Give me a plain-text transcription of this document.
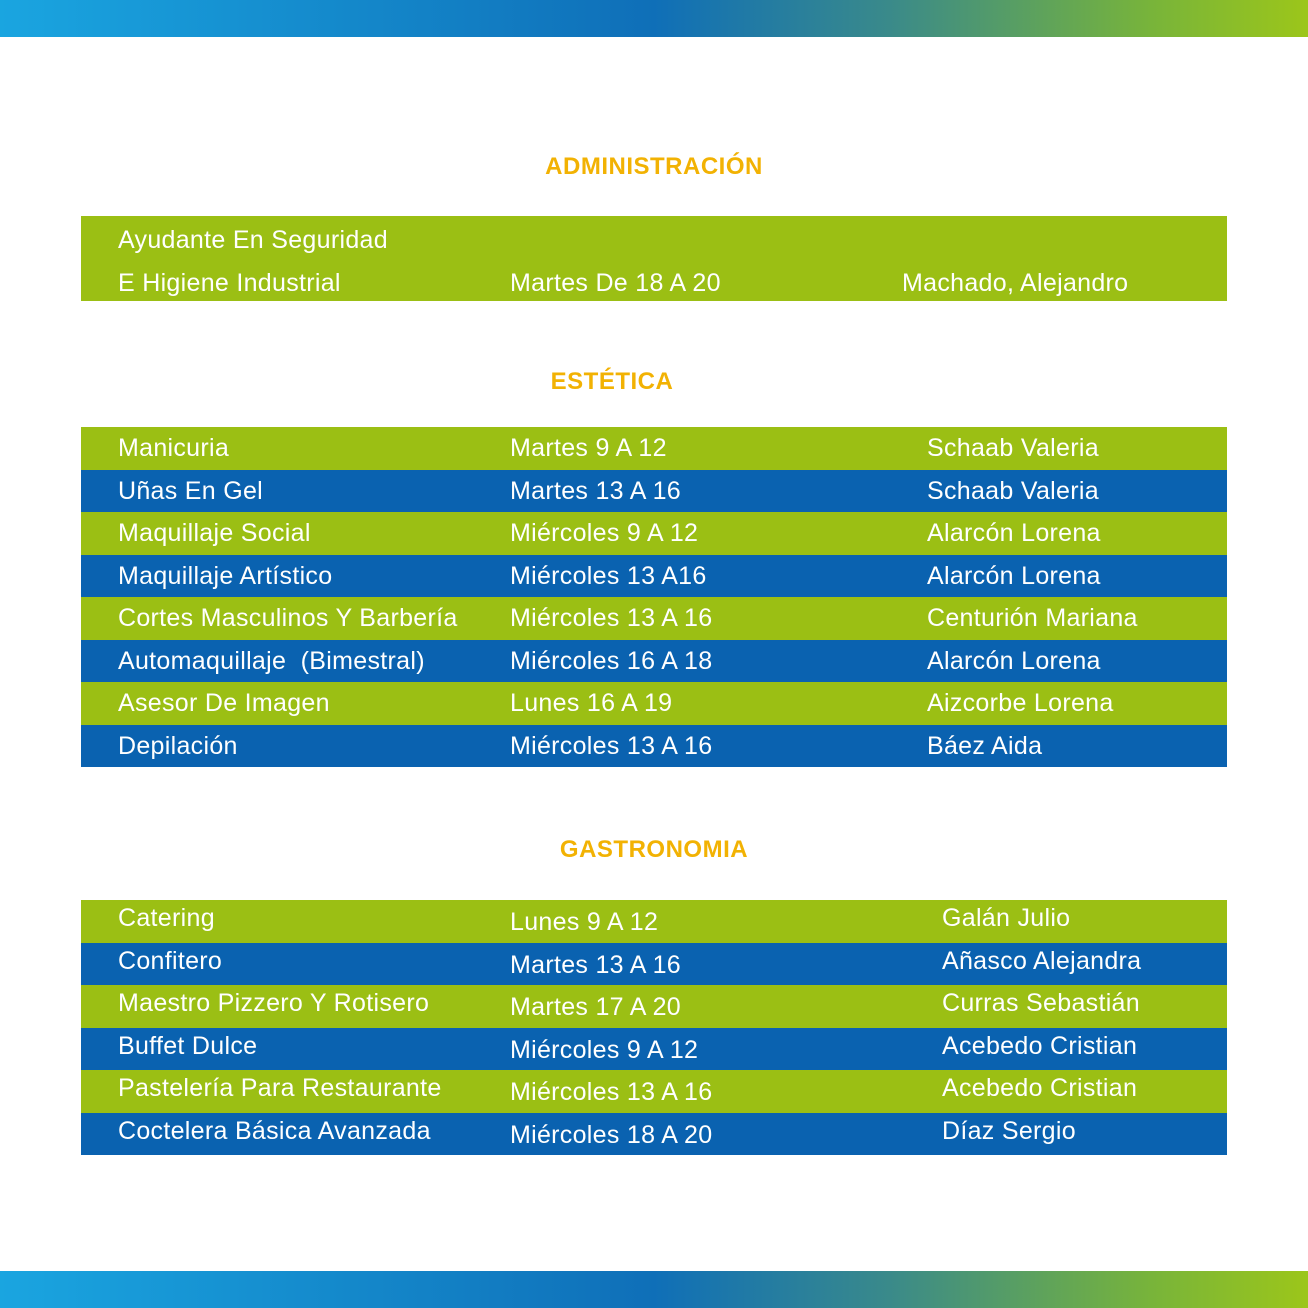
ADMINISTRACIÓN
Ayudante En Seguridad
E Higiene Industrial	Martes De 18 A 20	Machado, Alejandro
ESTÉTICA
Manicuria	Martes 9 A 12	Schaab Valeria
Uñas En Gel	Martes 13 A 16	Schaab Valeria
Maquillaje Social	Miércoles 9 A 12	Alarcón Lorena
Maquillaje Artístico	Miércoles 13 A16	Alarcón Lorena
Cortes Masculinos Y Barbería Miércoles 13 A 16	Centurión Mariana
Automaquillaje  (Bimestral)	Miércoles 16 A 18	Alarcón Lorena
Asesor De Imagen	Lunes 16 A 19	Aizcorbe Lorena
Depilación	Miércoles 13 A 16	Báez Aida
GASTRONOMIA
Catering	Lunes 9 A 12	Galán Julio
Confitero	Martes 13 A 16	Añasco Alejandra
Maestro Pizzero Y Rotisero	Martes 17 A 20	Curras Sebastián
Buffet Dulce	Miércoles 9 A 12	Acebedo Cristian
Pastelería Para Restaurante	Miércoles 13 A 16	Acebedo Cristian
Coctelera Básica Avanzada	Miércoles 18 A 20	Díaz Sergio
